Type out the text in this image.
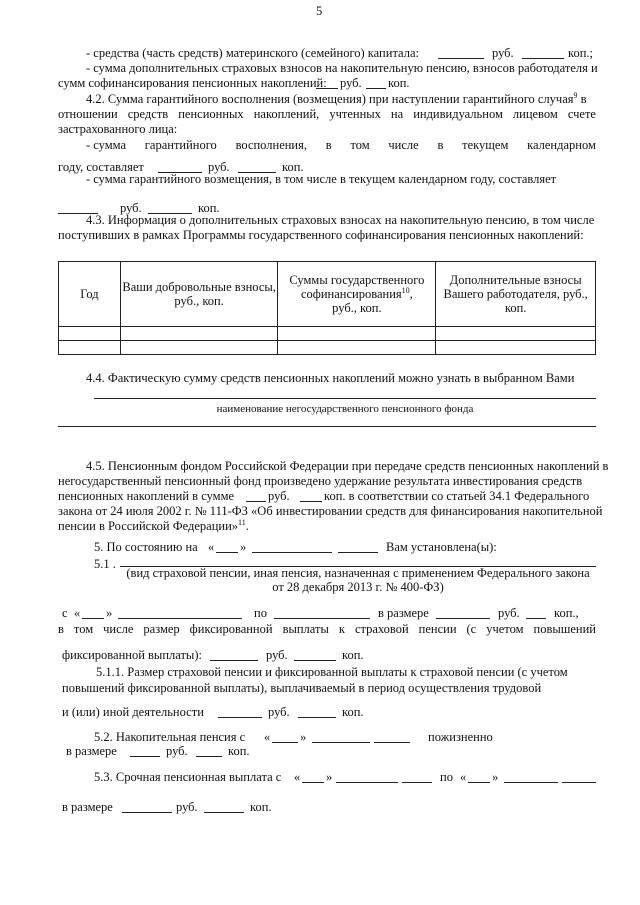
5
- средства (часть средств) материнского (семейного) капитала:	руб.	коп.;
- сумма дополнительных страховых взносов на накопительную пенсию, взносов работодателя и
сумм софинансирования пенсионных накоплений: руб. коп.
4.2. Сумма гарантийного восполнения (возмещения) при наступлении гарантийного случая$^9$ в
отношении средств пенсионных накоплений, учтенных на индивидуальном лицевом счете
застрахованного лица:
- сумма гарантийного восполнения, в том числе в текущем календарном
году, составляет	руб.	коп.
- сумма гарантийного возмещения, в том числе в текущем календарном году, составляет
руб.	коп.
4.3. Информация о дополнительных страховых взносах на накопительную пенсию, в том числе
поступивших в рамках Программы государственного софинансирования пенсионных накоплений:
Год	Ваши добровольные взносы, руб., коп.	Суммы государственного софинансирования$^{10}$,
руб., коп.	Дополнительные взносы Вашего работодателя, руб., коп.

4.4. Фактическую сумму средств пенсионных накоплений можно узнать в выбранном Вами
наименование негосударственного пенсионного фонда
4.5. Пенсионным фондом Российской Федерации при передаче средств пенсионных накоплений в
негосударственный пенсионный фонд произведено удержание результата инвестирования средств
пенсионных накоплений в сумме	руб.	коп. в соответствии со статьей 34.1 Федерального
закона от 24 июля 2002 г. № 111-ФЗ «Об инвестировании средств для финансирования накопительной
пенсии в Российской Федерации»$^{11}$.
5. По состоянию на « »	Вам установлена(ы):
5.1 .
(вид страховой пенсии, иная пенсия, назначенная с применением Федерального закона
от 28 декабря 2013 г. № 400-ФЗ)
с « »	по	в размере	руб.	коп.,
в том числе размер фиксированной выплаты к страховой пенсии (с учетом повышений
фиксированной выплаты):	руб.	коп.
5.1.1. Размер страховой пенсии и фиксированной выплаты к страховой пенсии (с учетом
повышений фиксированной выплаты), выплачиваемый в период осуществления трудовой
и (или) иной деятельности	руб.	коп.
5.2. Накопительная пенсия с « »	пожизненно
в размере	руб.	коп.
5.3. Срочная пенсионная выплата с « »	по « »
в размере	руб.	коп.
